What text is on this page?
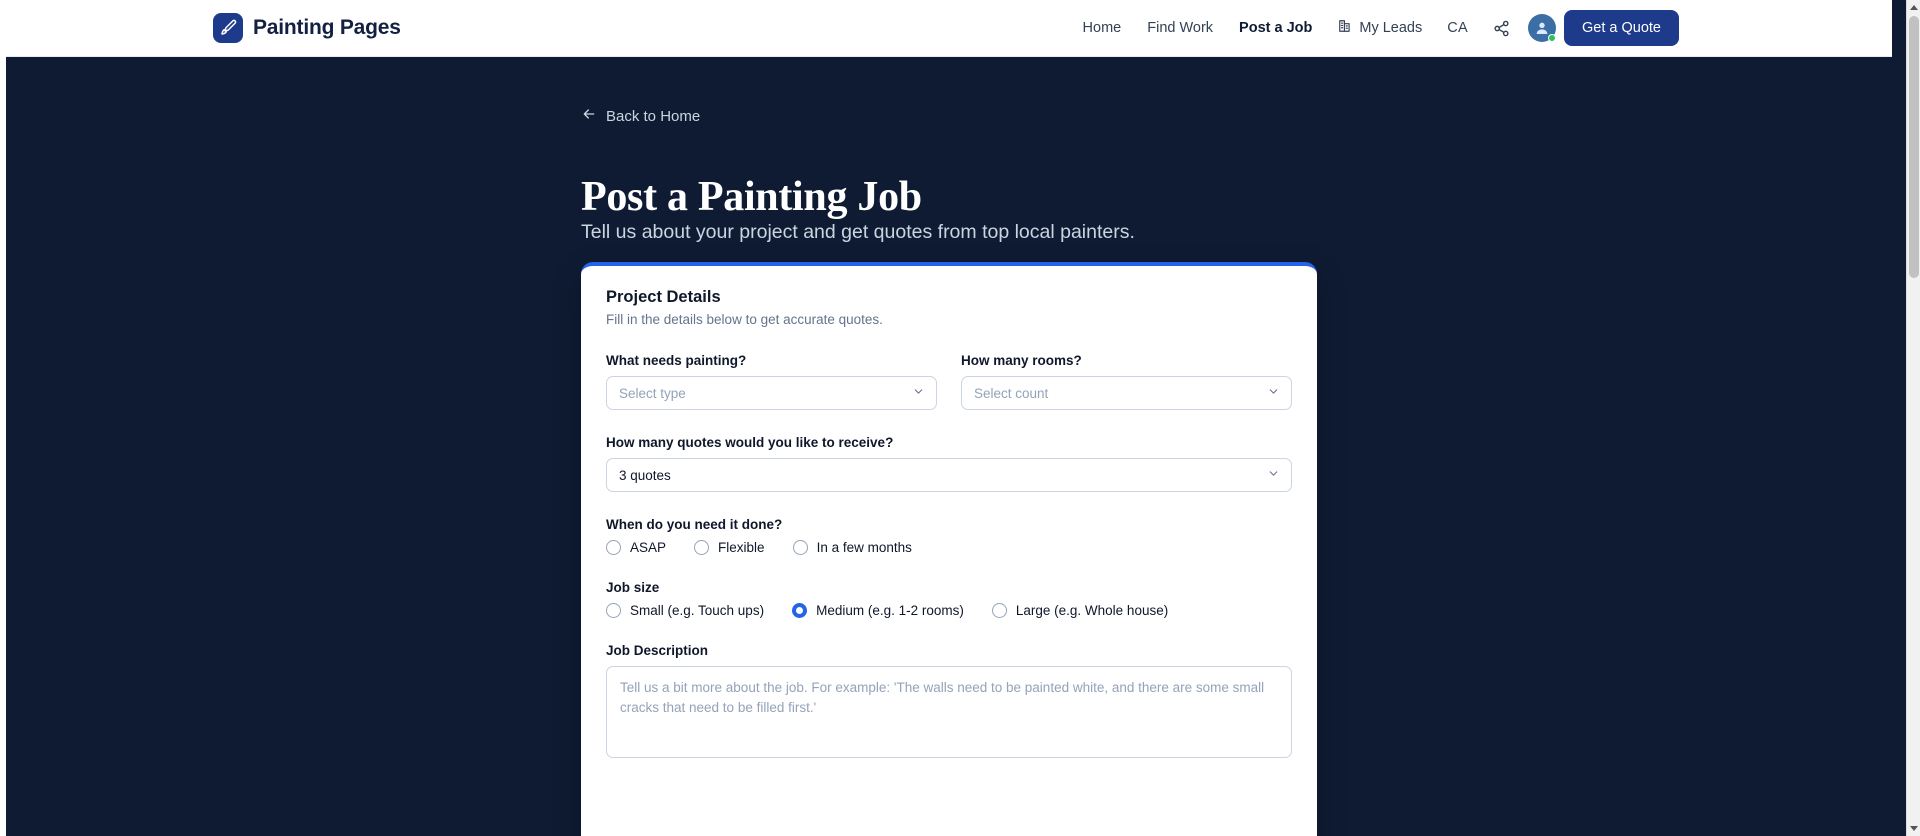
Painting Pages	Home	Find Work	Post a Job	My Leads	CA	Get a Quote
Back to Home
Post a Painting Job

Tell us about your project and get quotes from top local painters.

Project Details
Fill in the details below to get accurate quotes.
What needs painting?
Select type
How many rooms?
Select count
How many quotes would you like to receive?
3 quotes
When do you need it done?
ASAP	Flexible	In a few months
Job size
Small (e.g. Touch ups)	Medium (e.g. 1-2 rooms)	Large (e.g. Whole house)
Job Description
Tell us a bit more about the job. For example: 'The walls need to be painted white, and there are some small cracks that need to be filled first.'
